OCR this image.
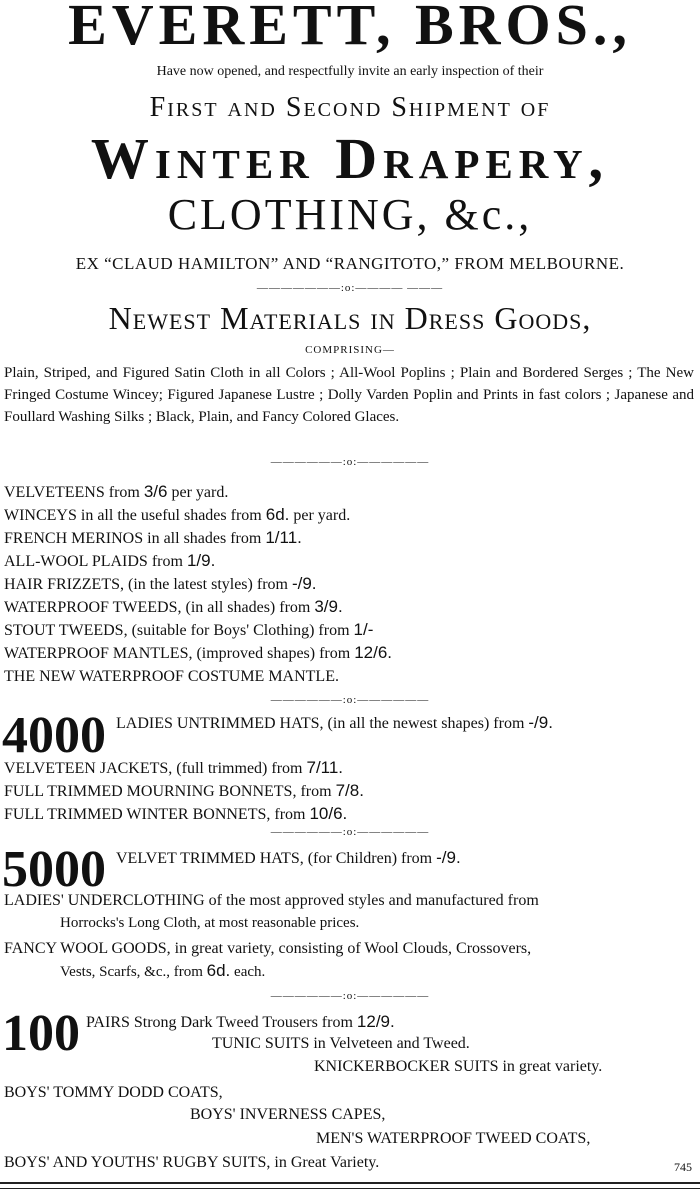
EVERETT, BROS.,
Have now opened, and respectfully invite an early inspection of their
First and Second Shipment of
Winter Drapery,
CLOTHING, &c.,
EX “CLAUD HAMILTON” AND “RANGITOTO,” FROM MELBOURNE.
———————:o:———— ———
Newest Materials in Dress Goods,
COMPRISING—
Plain, Striped, and Figured Satin Cloth in all Colors ; All-Wool Poplins ; Plain and Bordered Serges ; The New Fringed Costume Wincey; Figured Japanese Lustre ; Dolly Varden Poplin and Prints in fast colors ; Japanese and Foullard Washing Silks ; Black, Plain, and Fancy Colored Glaces.
——————:o:——————
VELVETEENS from 3/6 per yard.
WINCEYS in all the useful shades from 6d. per yard.
FRENCH MERINOS in all shades from 1/11.
ALL-WOOL PLAIDS from 1/9.
HAIR FRIZZETS, (in the latest styles) from -/9.
WATERPROOF TWEEDS, (in all shades) from 3/9.
STOUT TWEEDS, (suitable for Boys' Clothing) from 1/-
WATERPROOF MANTLES, (improved shapes) from 12/6.
THE NEW WATERPROOF COSTUME MANTLE.
——————:o:——————
4000 LADIES UNTRIMMED HATS, (in all the newest shapes) from -/9.
VELVETEEN JACKETS, (full trimmed) from 7/11.
FULL TRIMMED MOURNING BONNETS, from 7/8.
FULL TRIMMED WINTER BONNETS, from 10/6.
——————:o:——————
5000 VELVET TRIMMED HATS, (for Children) from -/9.
LADIES' UNDERCLOTHING of the most approved styles and manufactured from
Horrocks's Long Cloth, at most reasonable prices.
FANCY WOOL GOODS, in great variety, consisting of Wool Clouds, Crossovers,
Vests, Scarfs, &c., from 6d. each.
——————:o:——————
100 PAIRS Strong Dark Tweed Trousers from 12/9.
TUNIC SUITS in Velveteen and Tweed.
KNICKERBOCKER SUITS in great variety.
BOYS' TOMMY DODD COATS,
BOYS' INVERNESS CAPES,
MEN'S WATERPROOF TWEED COATS,
BOYS' AND YOUTHS' RUGBY SUITS, in Great Variety.	745
